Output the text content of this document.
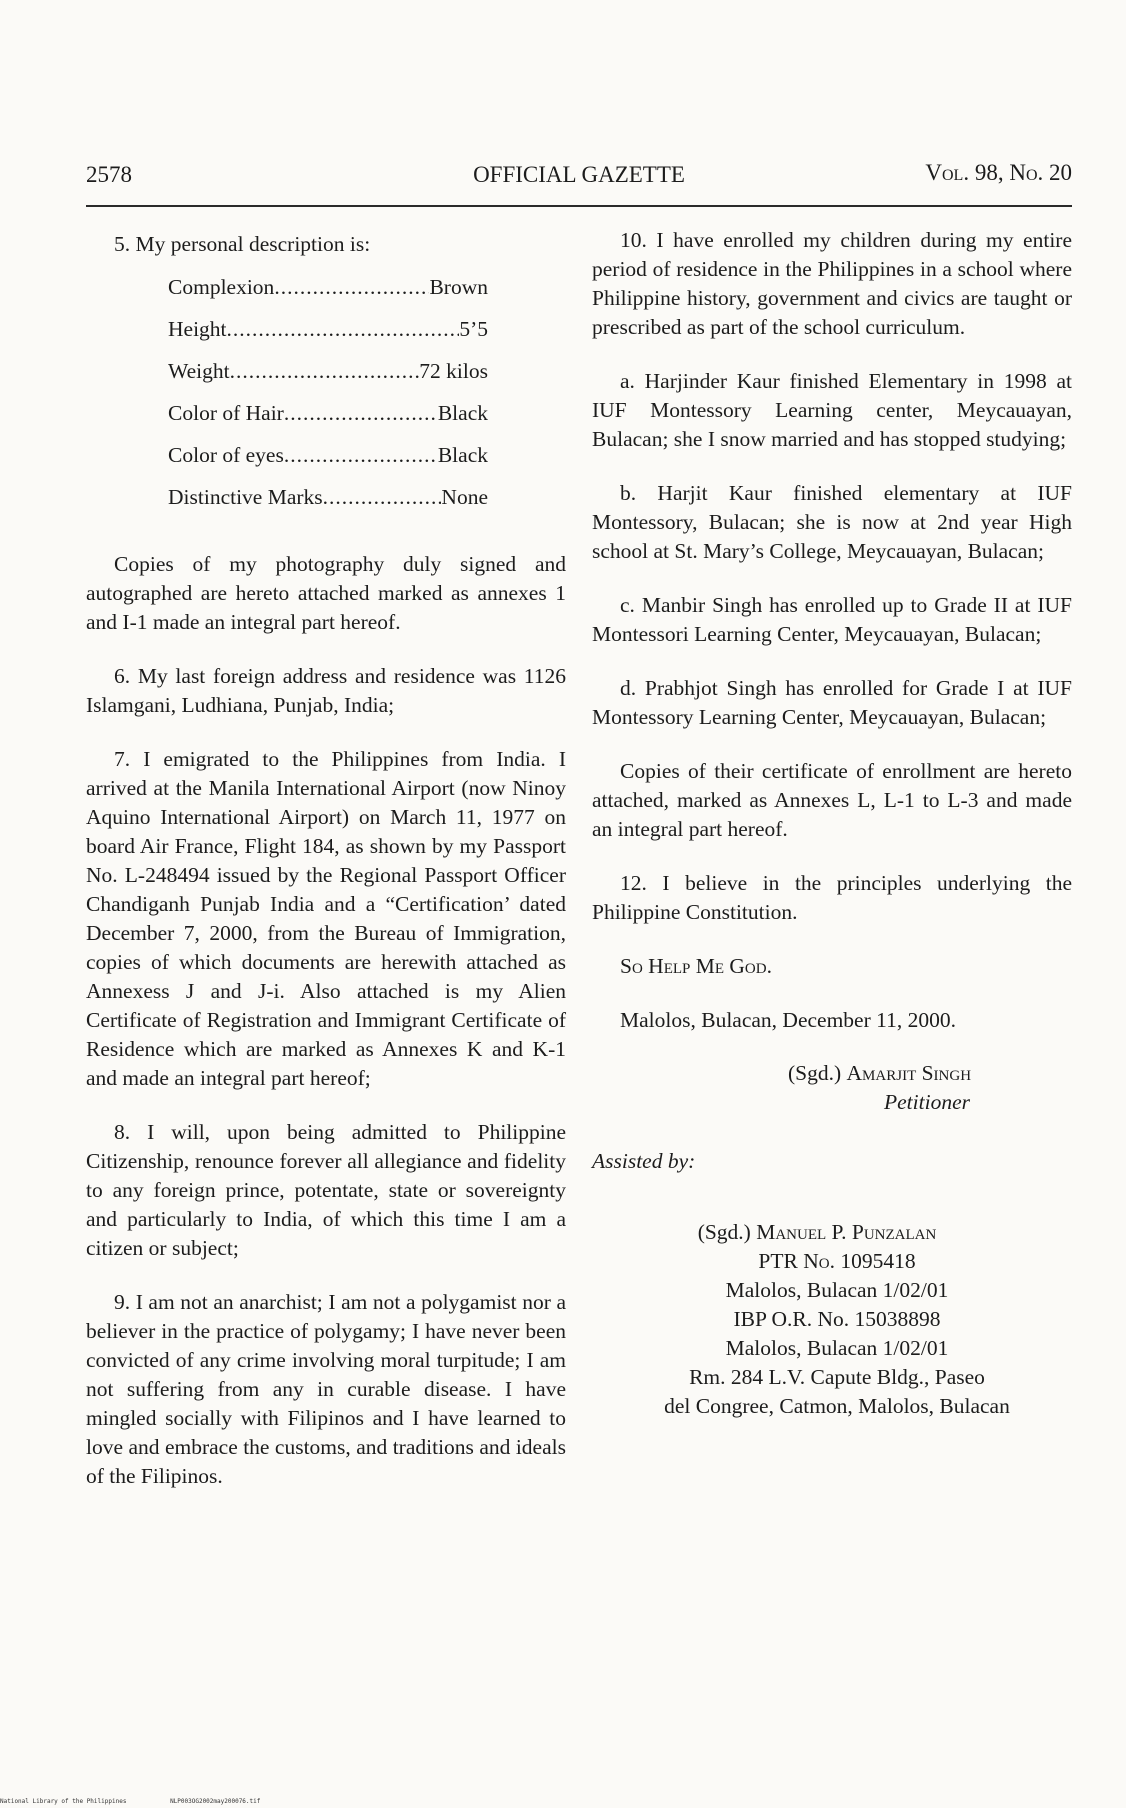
2578	OFFICIAL GAZETTE	Vol. 98, No. 20

5. My personal description is:

Complexion .....	Brown
Height .....	5’5
Weight .....	72 kilos
Color of Hair .....	Black
Color of eyes .....	Black
Distinctive Marks .....	None

Copies of my photography duly signed and autographed are hereto attached marked as annexes 1 and I-1 made an integral part hereof.

6. My last foreign address and residence was 1126 Islamgani, Ludhiana, Punjab, India;

7. I emigrated to the Philippines from India. I arrived at the Manila International Airport (now Ninoy Aquino International Airport) on March 11, 1977 on board Air France, Flight 184, as shown by my Passport No. L-248494 issued by the Regional Passport Officer Chandiganh Punjab India and a “Certification’ dated December 7, 2000, from the Bureau of Immigration, copies of which documents are herewith attached as Annexess J and J-i. Also attached is my Alien Certificate of Registration and Immigrant Certificate of Residence which are marked as Annexes K and K-1 and made an integral part hereof;

8. I will, upon being admitted to Philippine Citizenship, renounce forever all allegiance and fidelity to any foreign prince, potentate, state or sovereignty and particularly to India, of which this time I am a citizen or subject;

9. I am not an anarchist; I am not a polygamist nor a believer in the practice of polygamy; I have never been convicted of any crime involving moral turpitude; I am not suffering from any in curable disease. I have mingled socially with Filipinos and I have learned to love and embrace the customs, and traditions and ideals of the Filipinos.

10. I have enrolled my children during my entire period of residence in the Philippines in a school where Philippine history, government and civics are taught or prescribed as part of the school curriculum.

a. Harjinder Kaur finished Elementary in 1998 at IUF Montessory Learning center, Meycauayan, Bulacan; she I snow married and has stopped studying;

b. Harjit Kaur finished elementary at IUF Montessory, Bulacan; she is now at 2nd year High school at St. Mary’s College, Meycauayan, Bulacan;

c. Manbir Singh has enrolled up to Grade II at IUF Montessori Learning Center, Meycauayan, Bulacan;

d. Prabhjot Singh has enrolled for Grade I at IUF Montessory Learning Center, Meycauayan, Bulacan;

Copies of their certificate of enrollment are hereto attached, marked as Annexes L, L-1 to L-3 and made an integral part hereof.

12. I believe in the principles underlying the Philippine Constitution.

So Help Me God.

Malolos, Bulacan, December 11, 2000.

(Sgd.) Amarjit Singh
Petitioner

Assisted by:

(Sgd.) Manuel P. Punzalan
PTR No. 1095418
Malolos, Bulacan 1/02/01
IBP O.R. No. 15038898
Malolos, Bulacan 1/02/01
Rm. 284 L.V. Capute Bldg., Paseo
del Congree, Catmon, Malolos, Bulacan
National Library of the Philippines	NLP003OG2002may200076.tif
